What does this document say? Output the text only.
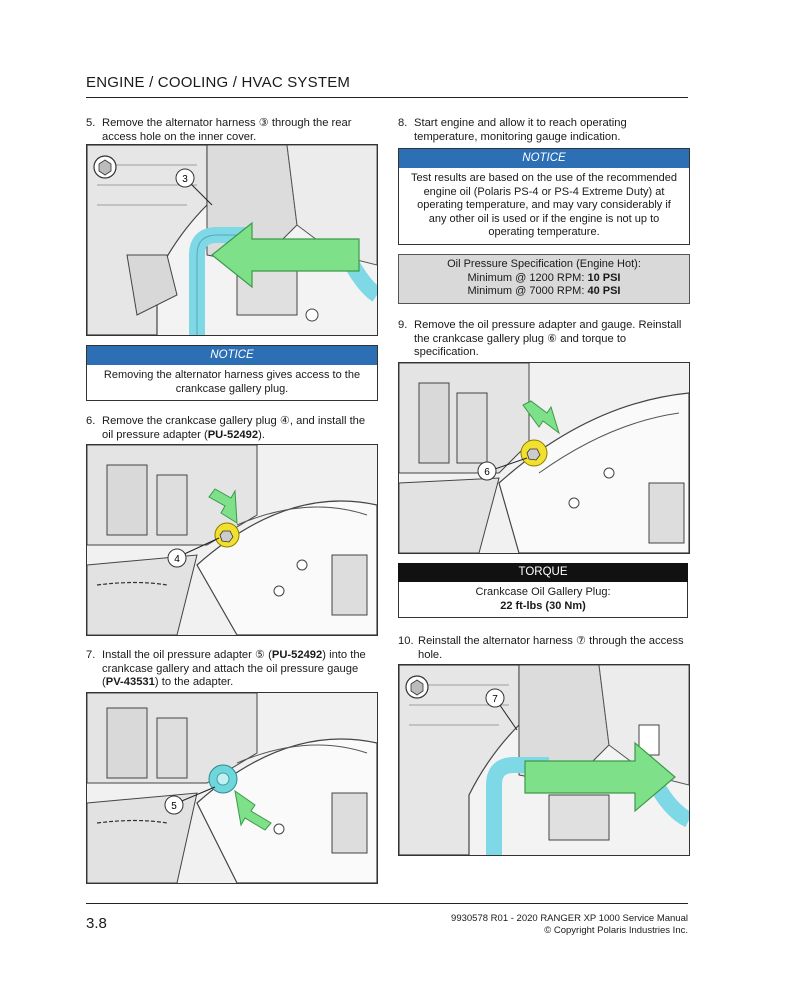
ENGINE / COOLING / HVAC SYSTEM
5. Remove the alternator harness ③ through the rear access hole on the inner cover.
3
NOTICE
Removing the alternator harness gives access to the crankcase gallery plug.
6. Remove the crankcase gallery plug ④, and install the oil pressure adapter (PU-52492).
4
7. Install the oil pressure adapter ⑤ (PU-52492) into the crankcase gallery and attach the oil pressure gauge (PV-43531) to the adapter.
5
8. Start engine and allow it to reach operating temperature, monitoring gauge indication.
NOTICE
Test results are based on the use of the recommended engine oil (Polaris PS-4 or PS-4 Extreme Duty) at operating temperature, and may vary considerably if any other oil is used or if the engine is not up to operating temperature.
Oil Pressure Specification (Engine Hot):
Minimum @ 1200 RPM: 10 PSI
Minimum @ 7000 RPM: 40 PSI
9. Remove the oil pressure adapter and gauge. Reinstall the crankcase gallery plug ⑥ and torque to specification.
6
TORQUE
Crankcase Oil Gallery Plug:
22 ft-lbs (30 Nm)
10. Reinstall the alternator harness ⑦ through the access hole.
7
3.8	9930578 R01 - 2020 RANGER XP 1000 Service Manual
© Copyright Polaris Industries Inc.
